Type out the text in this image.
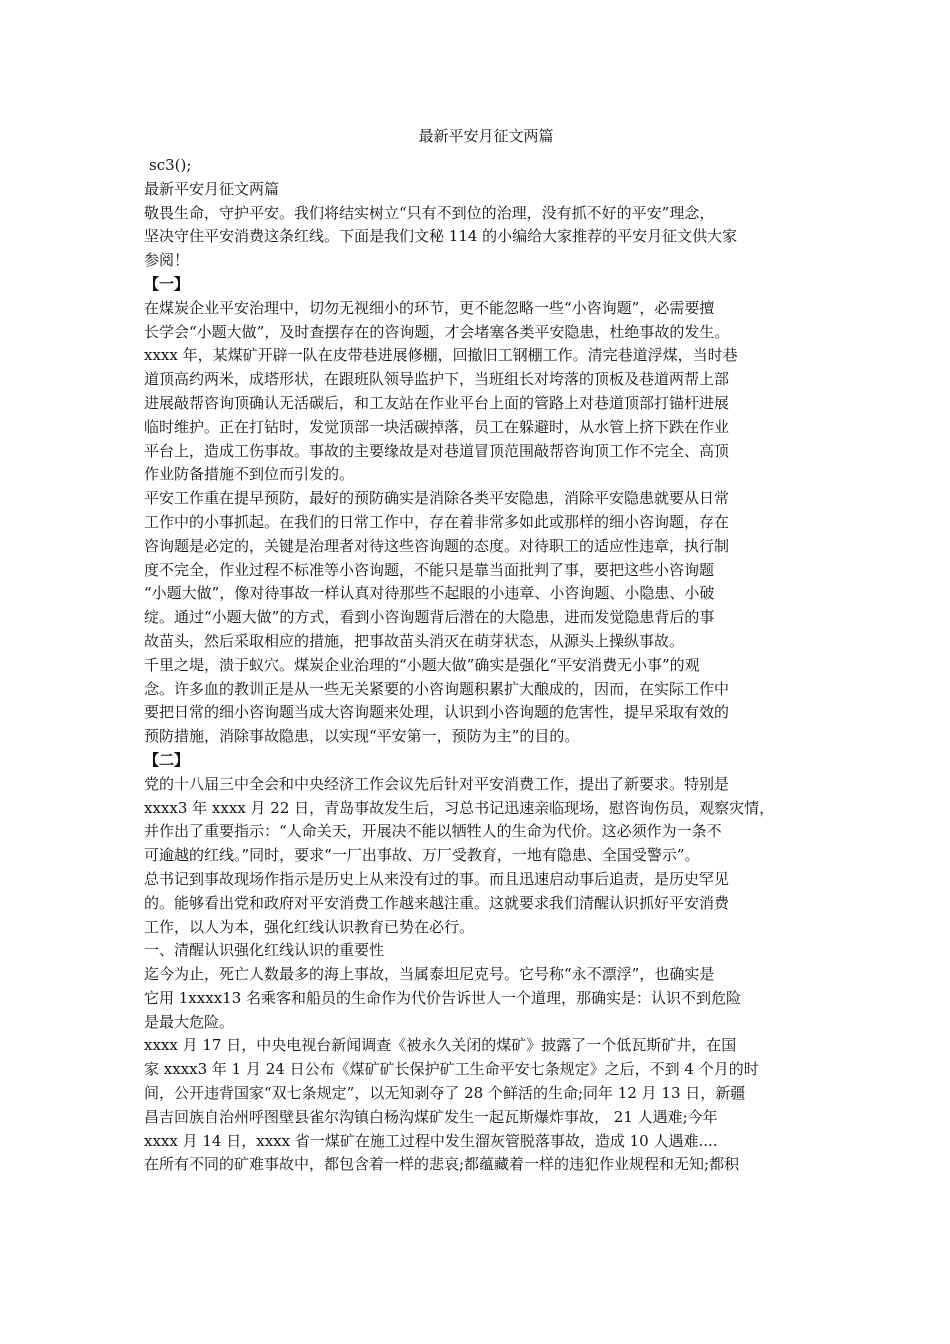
最新平安月征文两篇

sc3();

最新平安月征文两篇

敬畏生命，守护平安。我们将结实树立“只有不到位的治理，没有抓不好的平安”理念，

坚决守住平安消费这条红线。下面是我们文秘 114 的小编给大家推荐的平安月征文供大家

参阅！

【一】

在煤炭企业平安治理中，切勿无视细小的环节，更不能忽略一些“小咨询题”，必需要擅

长学会“小题大做”，及时查摆存在的咨询题，才会堵塞各类平安隐患，杜绝事故的发生。

xxxx 年，某煤矿开辟一队在皮带巷进展修棚，回撤旧工钢棚工作。清完巷道浮煤，当时巷

道顶高约两米，成塔形状，在跟班队领导监护下，当班组长对垮落的顶板及巷道两帮上部

进展敲帮咨询顶确认无活碳后，和工友站在作业平台上面的管路上对巷道顶部打锚杆进展

临时维护。正在打钻时，发觉顶部一块活碳掉落，员工在躲避时，从水管上挤下跌在作业

平台上，造成工伤事故。事故的主要缘故是对巷道冒顶范围敲帮咨询顶工作不完全、高顶

作业防备措施不到位而引发的。

平安工作重在提早预防，最好的预防确实是消除各类平安隐患，消除平安隐患就要从日常

工作中的小事抓起。在我们的日常工作中，存在着非常多如此或那样的细小咨询题，存在

咨询题是必定的，关键是治理者对待这些咨询题的态度。对待职工的适应性违章，执行制

度不完全，作业过程不标准等小咨询题，不能只是靠当面批判了事，要把这些小咨询题

“小题大做”，像对待事故一样认真对待那些不起眼的小违章、小咨询题、小隐患、小破

绽。通过“小题大做”的方式，看到小咨询题背后潜在的大隐患，进而发觉隐患背后的事

故苗头，然后采取相应的措施，把事故苗头消灭在萌芽状态，从源头上操纵事故。

千里之堤，溃于蚁穴。煤炭企业治理的“小题大做”确实是强化“平安消费无小事”的观

念。许多血的教训正是从一些无关紧要的小咨询题积累扩大酿成的，因而，在实际工作中

要把日常的细小咨询题当成大咨询题来处理，认识到小咨询题的危害性，提早采取有效的

预防措施，消除事故隐患，以实现“平安第一，预防为主”的目的。

【二】

党的十八届三中全会和中央经济工作会议先后针对平安消费工作，提出了新要求。特别是

xxxx3 年 xxxx 月 22 日，青岛事故发生后，习总书记迅速亲临现场，慰咨询伤员，观察灾情，

并作出了重要指示：“人命关天，开展决不能以牺牲人的生命为代价。这必须作为一条不

可逾越的红线。”同时，要求“一厂出事故、万厂受教育，一地有隐患、全国受警示”。

总书记到事故现场作指示是历史上从来没有过的事。而且迅速启动事后追责，是历史罕见

的。能够看出党和政府对平安消费工作越来越注重。这就要求我们清醒认识抓好平安消费

工作，以人为本，强化红线认识教育已势在必行。

一、清醒认识强化红线认识的重要性

迄今为止，死亡人数最多的海上事故，当属泰坦尼克号。它号称“永不漂浮”，也确实是

它用 1xxxx13 名乘客和船员的生命作为代价告诉世人一个道理，那确实是：认识不到危险

是最大危险。

xxxx 月 17 日，中央电视台新闻调查《被永久关闭的煤矿》披露了一个低瓦斯矿井，在国

家 xxxx3 年 1 月 24 日公布《煤矿矿长保护矿工生命平安七条规定》之后，不到 4 个月的时

间，公开违背国家“双七条规定”，以无知剥夺了 28 个鲜活的生命;同年 12 月 13 日，新疆

昌吉回族自治州呼图壁县雀尔沟镇白杨沟煤矿发生一起瓦斯爆炸事故， 21 人遇难;今年

xxxx 月 14 日，xxxx 省一煤矿在施工过程中发生溜灰管脱落事故，造成 10 人遇难....

在所有不同的矿难事故中，都包含着一样的悲哀;都蕴藏着一样的违犯作业规程和无知;都积
